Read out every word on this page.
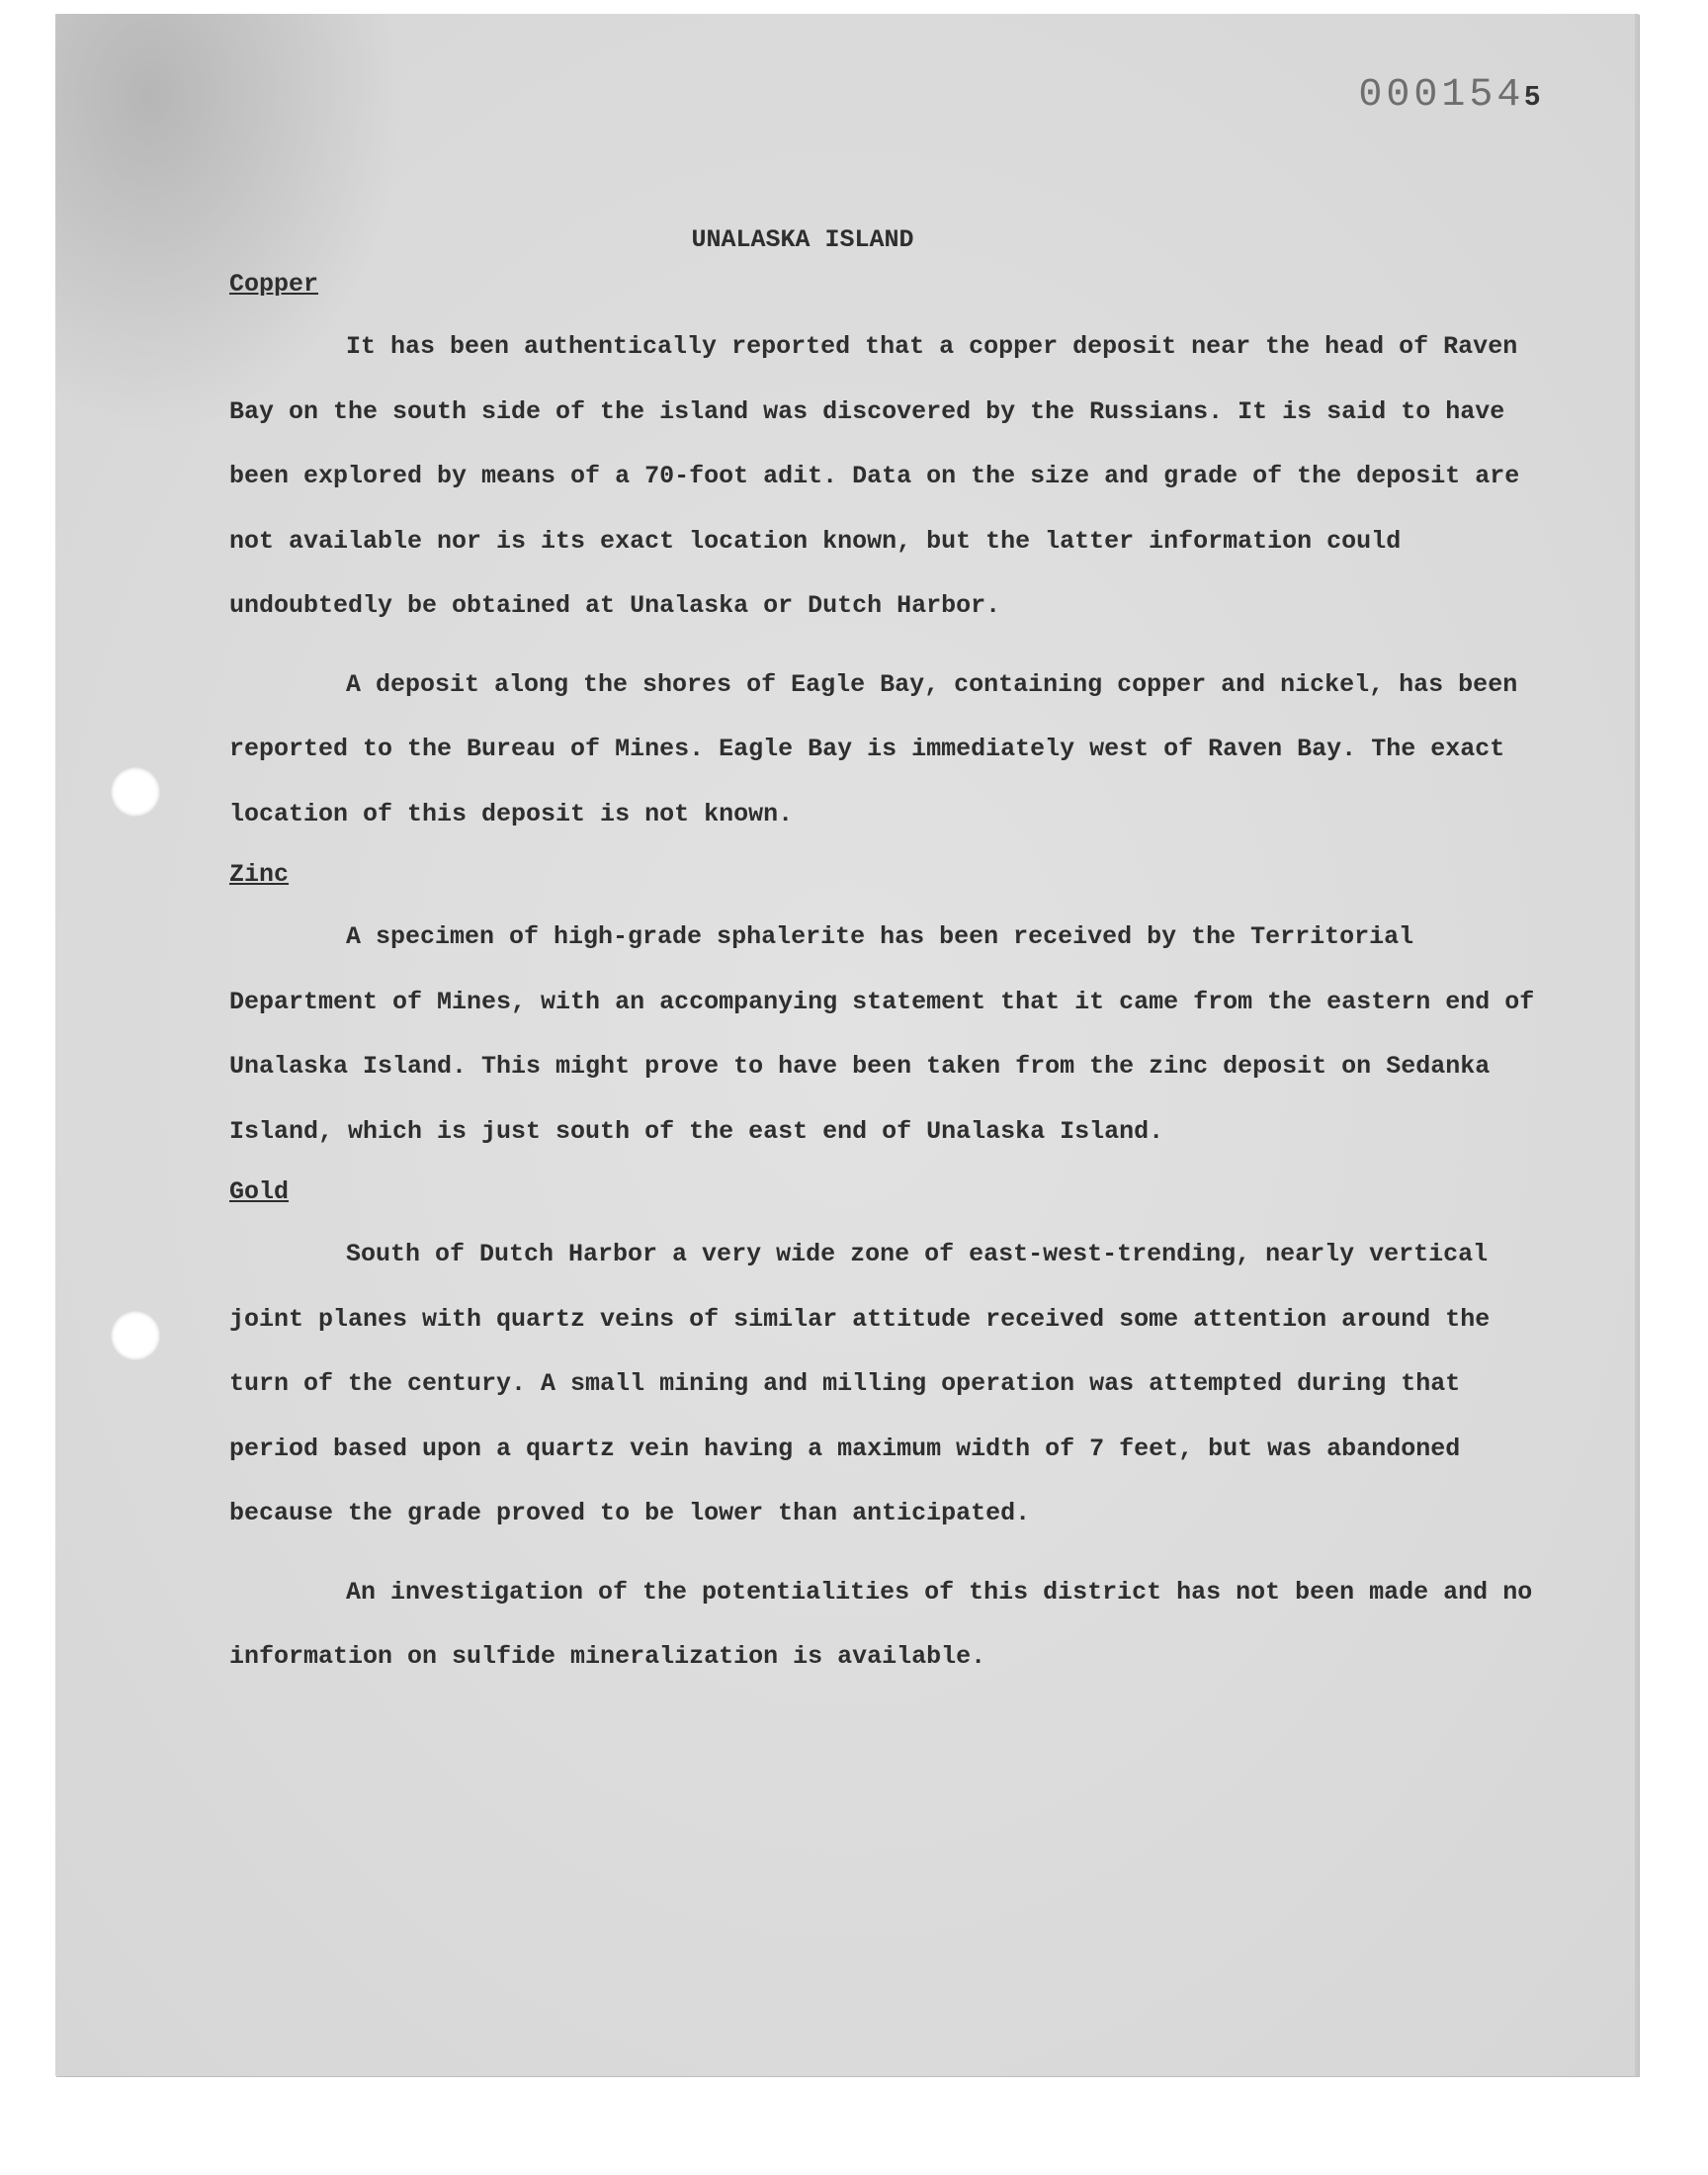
0001545
UNALASKA ISLAND
Copper

It has been authentically reported that a copper deposit near the head of Raven Bay on the south side of the island was discovered by the Russians. It is said to have been explored by means of a 70-foot adit. Data on the size and grade of the deposit are not available nor is its exact location known, but the latter information could undoubtedly be obtained at Unalaska or Dutch Harbor.

A deposit along the shores of Eagle Bay, containing copper and nickel, has been reported to the Bureau of Mines. Eagle Bay is immediately west of Raven Bay. The exact location of this deposit is not known.

Zinc

A specimen of high-grade sphalerite has been received by the Territorial Department of Mines, with an accompanying statement that it came from the eastern end of Unalaska Island. This might prove to have been taken from the zinc deposit on Sedanka Island, which is just south of the east end of Unalaska Island.

Gold

South of Dutch Harbor a very wide zone of east-west-trending, nearly vertical joint planes with quartz veins of similar attitude received some attention around the turn of the century. A small mining and milling operation was attempted during that period based upon a quartz vein having a maximum width of 7 feet, but was abandoned because the grade proved to be lower than anticipated.

An investigation of the potentialities of this district has not been made and no information on sulfide mineralization is available.
